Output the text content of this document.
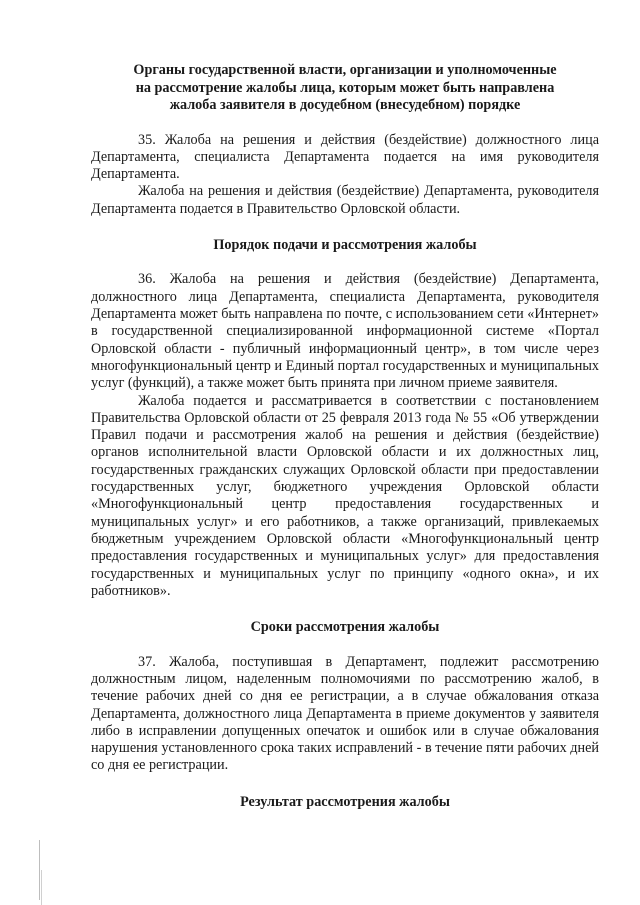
Органы государственной власти, организации и уполномоченные
на рассмотрение жалобы лица, которым может быть направлена
жалоба заявителя в досудебном (внесудебном) порядке

35. Жалоба на решения и действия (бездействие) должностного лица Департамента, специалиста Департамента подается на имя руководителя Департамента.

Жалоба на решения и действия (бездействие) Департамента, руководителя Департамента подается в Правительство Орловской области.

Порядок подачи и рассмотрения жалобы

36. Жалоба на решения и действия (бездействие) Департамента, должностного лица Департамента, специалиста Департамента, руководителя Департамента может быть направлена по почте, с использованием сети «Интернет» в государственной специализированной информационной системе «Портал Орловской области - публичный информационный центр», в том числе через многофункциональный центр и Единый портал государственных и муниципальных услуг (функций), а также может быть принята при личном приеме заявителя.

Жалоба подается и рассматривается в соответствии с постановлением Правительства Орловской области от 25 февраля 2013 года № 55 «Об утверждении Правил подачи и рассмотрения жалоб на решения и действия (бездействие) органов исполнительной власти Орловской области и их должностных лиц, государственных гражданских служащих Орловской области при предоставлении государственных услуг, бюджетного учреждения Орловской области «Многофункциональный центр предоставления государственных и муниципальных услуг» и его работников, а также организаций, привлекаемых бюджетным учреждением Орловской области «Многофункциональный центр предоставления государственных и муниципальных услуг» для предоставления государственных и муниципальных услуг по принципу «одного окна», и их работников».

Сроки рассмотрения жалобы

37. Жалоба, поступившая в Департамент, подлежит рассмотрению должностным лицом, наделенным полномочиями по рассмотрению жалоб, в течение рабочих дней со дня ее регистрации, а в случае обжалования отказа Департамента, должностного лица Департамента в приеме документов у заявителя либо в исправлении допущенных опечаток и ошибок или в случае обжалования нарушения установленного срока таких исправлений - в течение пяти рабочих дней со дня ее регистрации.

Результат рассмотрения жалобы
